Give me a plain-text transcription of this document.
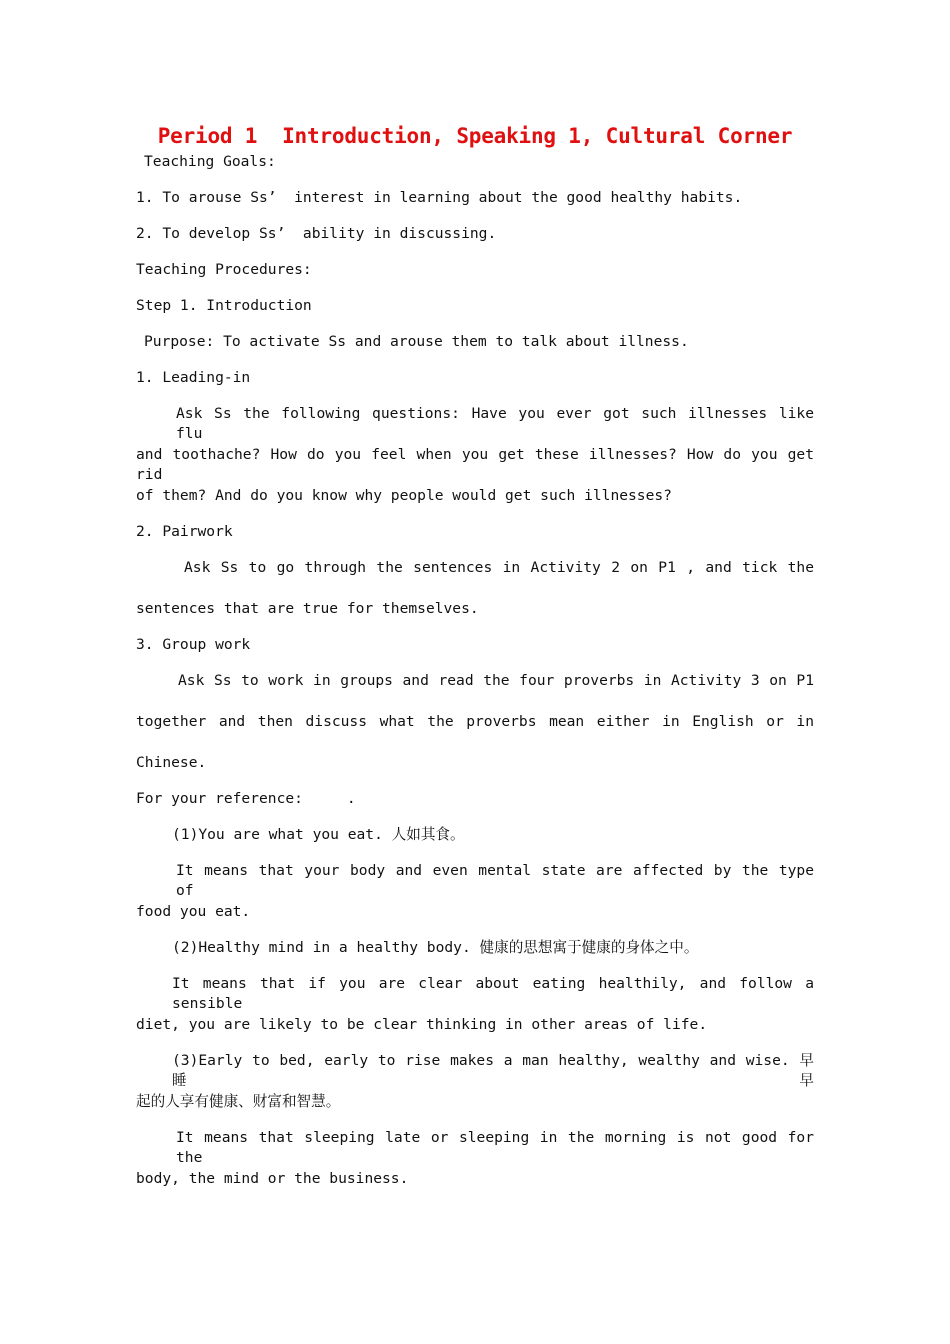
Period 1  Introduction, Speaking 1, Cultural Corner
Teaching Goals:
1. To arouse Ss’  interest in learning about the good healthy habits.
2. To develop Ss’  ability in discussing.
Teaching Procedures:
Step 1. Introduction
Purpose: To activate Ss and arouse them to talk about illness.
1. Leading-in
Ask Ss the following questions: Have you ever got such illnesses like flu
and toothache? How do you feel when you get these illnesses? How do you get rid
of them? And do you know why people would get such illnesses?
2. Pairwork
Ask Ss to go through the sentences in Activity 2 on P1 , and tick the
sentences that are true for themselves.
3. Group work
Ask Ss to work in groups and read the four proverbs in Activity 3 on P1
together and then discuss what the proverbs mean either in English or in
Chinese.
For your reference:     .
(1)You are what you eat. 人如其食。
It means that your body and even mental state are affected by the type of
food you eat.
(2)Healthy mind in a healthy body. 健康的思想寓于健康的身体之中。
It means that if you are clear about eating healthily, and follow a sensible
diet, you are likely to be clear thinking in other areas of life.
(3)Early to bed, early to rise makes a man healthy, wealthy and wise. 早睡早
起的人享有健康、财富和智慧。
It means that sleeping late or sleeping in the morning is not good for the
body, the mind or the business.
